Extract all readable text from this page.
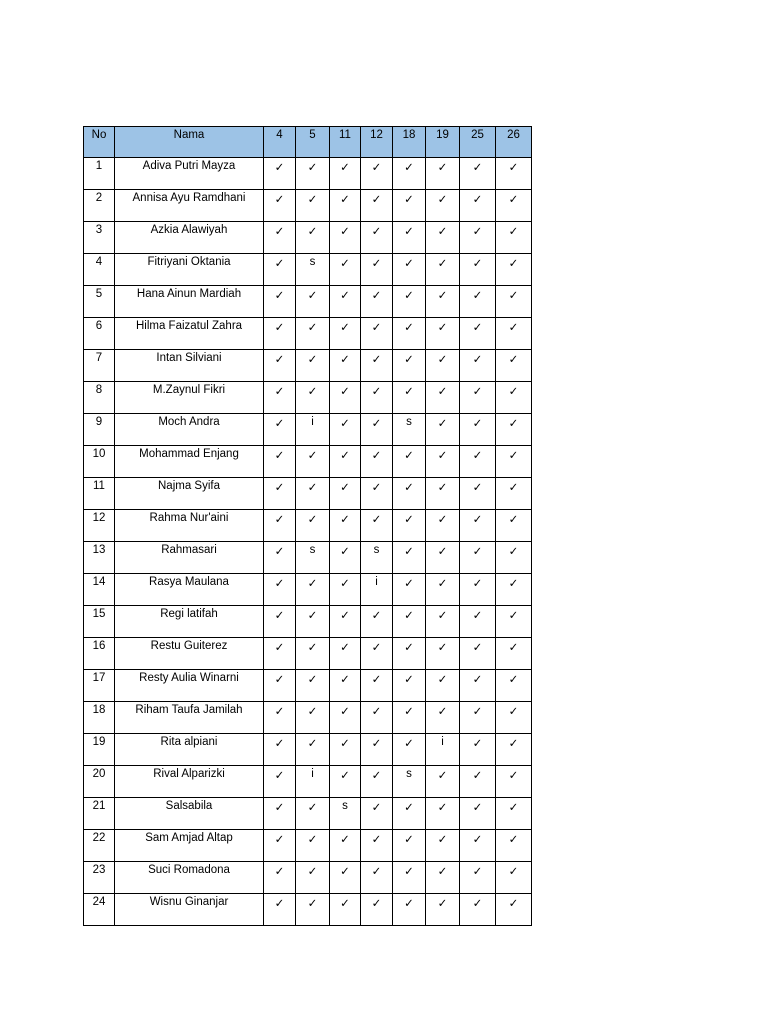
No	Nama	4	5	11	12	18	19	25	26
1	Adiva Putri Mayza	✓	✓	✓	✓	✓	✓	✓	✓
2	Annisa Ayu Ramdhani	✓	✓	✓	✓	✓	✓	✓	✓
3	Azkia Alawiyah	✓	✓	✓	✓	✓	✓	✓	✓
4	Fitriyani Oktania	✓	s	✓	✓	✓	✓	✓	✓
5	Hana Ainun Mardiah	✓	✓	✓	✓	✓	✓	✓	✓
6	Hilma Faizatul Zahra	✓	✓	✓	✓	✓	✓	✓	✓
7	Intan Silviani	✓	✓	✓	✓	✓	✓	✓	✓
8	M.Zaynul Fikri	✓	✓	✓	✓	✓	✓	✓	✓
9	Moch Andra	✓	i	✓	✓	s	✓	✓	✓
10	Mohammad Enjang	✓	✓	✓	✓	✓	✓	✓	✓
11	Najma Syifa	✓	✓	✓	✓	✓	✓	✓	✓
12	Rahma Nur'aini	✓	✓	✓	✓	✓	✓	✓	✓
13	Rahmasari	✓	s	✓	s	✓	✓	✓	✓
14	Rasya Maulana	✓	✓	✓	i	✓	✓	✓	✓
15	Regi latifah	✓	✓	✓	✓	✓	✓	✓	✓
16	Restu Guiterez	✓	✓	✓	✓	✓	✓	✓	✓
17	Resty Aulia Winarni	✓	✓	✓	✓	✓	✓	✓	✓
18	Riham Taufa Jamilah	✓	✓	✓	✓	✓	✓	✓	✓
19	Rita alpiani	✓	✓	✓	✓	✓	i	✓	✓
20	Rival Alparizki	✓	i	✓	✓	s	✓	✓	✓
21	Salsabila	✓	✓	s	✓	✓	✓	✓	✓
22	Sam Amjad Altap	✓	✓	✓	✓	✓	✓	✓	✓
23	Suci Romadona	✓	✓	✓	✓	✓	✓	✓	✓
24	Wisnu Ginanjar	✓	✓	✓	✓	✓	✓	✓	✓
